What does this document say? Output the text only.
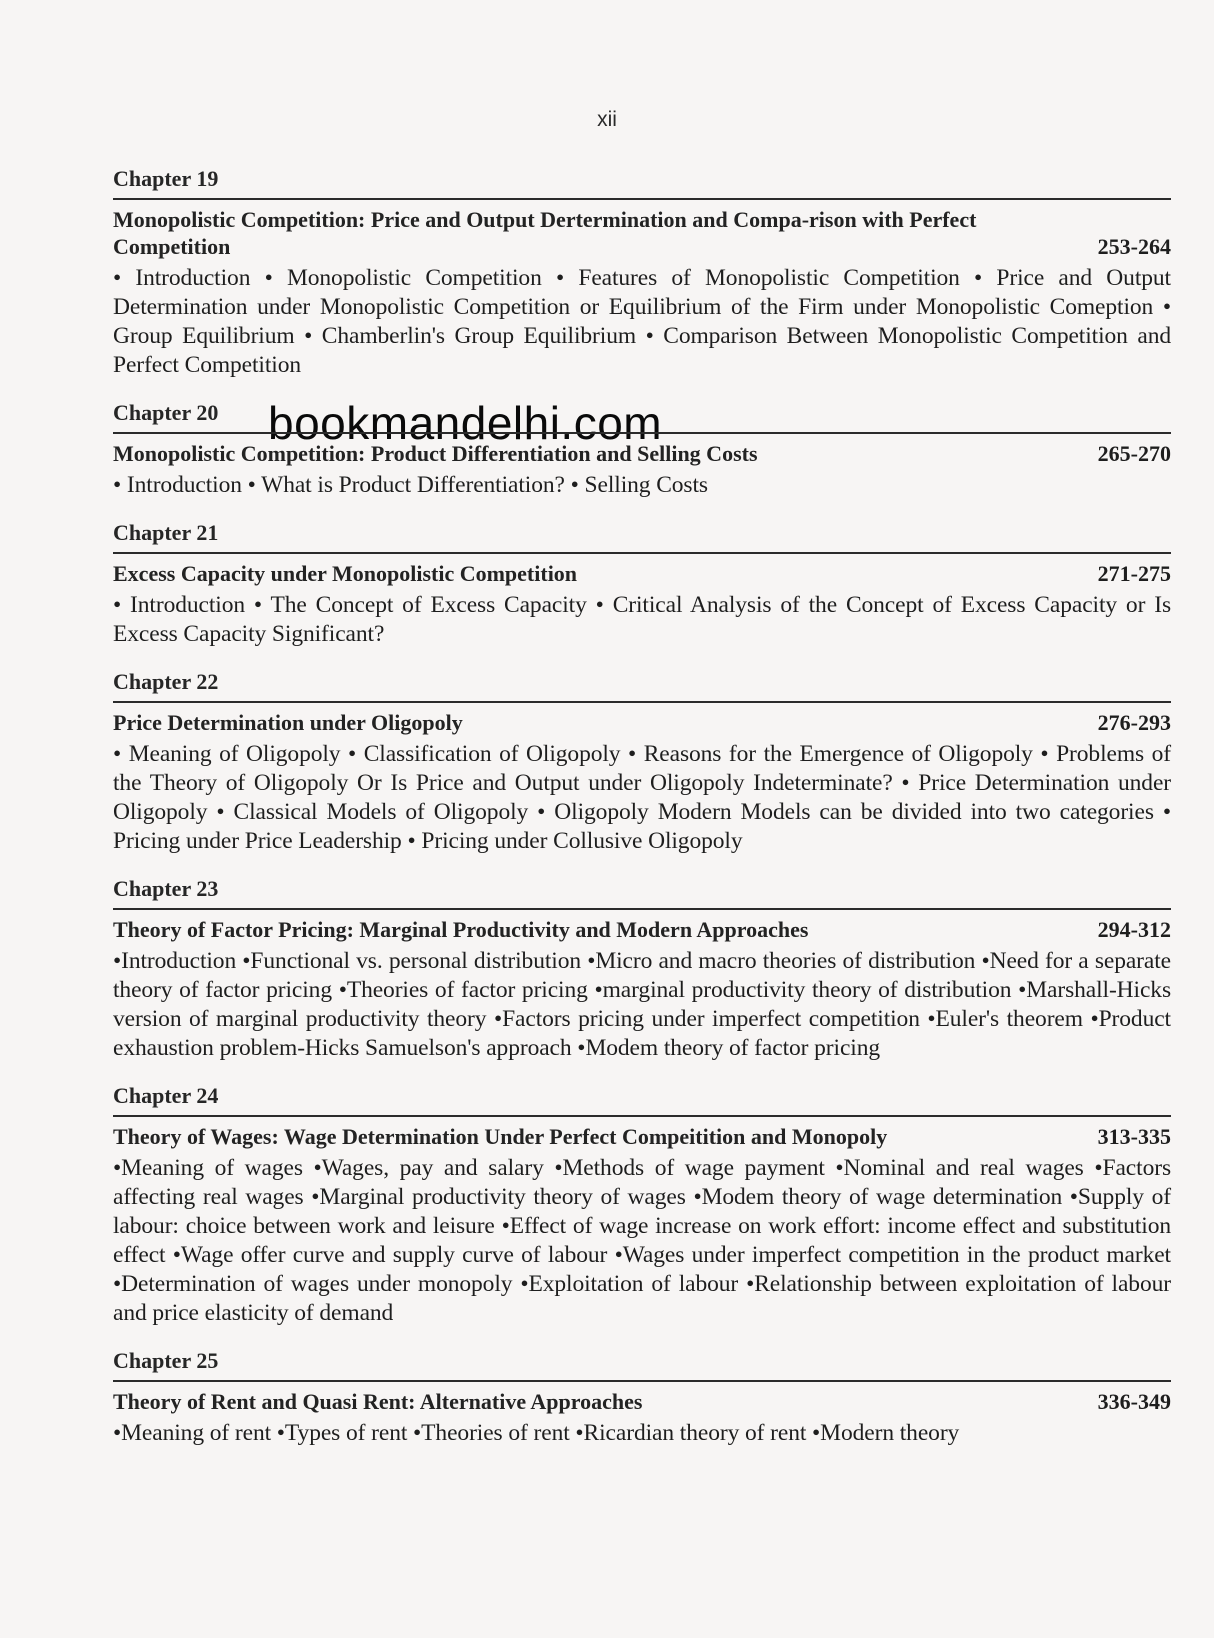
xii
bookmandelhi.com
Chapter 19
Monopolistic Competition: Price and Output Dertermination and Compa-rison with Perfect Competition	253-264
• Introduction • Monopolistic Competition • Features of Monopolistic Competition • Price and Output Determination under Monopolistic Competition or Equilibrium of the Firm under Monopolistic Comeption • Group Equilibrium • Chamberlin's Group Equilibrium • Comparison Between Monopolistic Competition and Perfect Competition
Chapter 20
Monopolistic Competition: Product Differentiation and Selling Costs	265-270
• Introduction • What is Product Differentiation? • Selling Costs
Chapter 21
Excess Capacity under Monopolistic Competition	271-275
• Introduction • The Concept of Excess Capacity • Critical Analysis of the Concept of Excess Capacity or Is Excess Capacity Significant?
Chapter 22
Price Determination under Oligopoly	276-293
• Meaning of Oligopoly • Classification of Oligopoly • Reasons for the Emergence of Oligopoly • Problems of the Theory of Oligopoly Or Is Price and Output under Oligopoly Indeterminate? • Price Determination under Oligopoly • Classical Models of Oligopoly • Oligopoly Modern Models can be divided into two categories • Pricing under Price Leadership • Pricing under Collusive Oligopoly
Chapter 23
Theory of Factor Pricing: Marginal Productivity and Modern Approaches	294-312
•Introduction •Functional vs. personal distribution •Micro and macro theories of distribution •Need for a separate theory of factor pricing •Theories of factor pricing •marginal productivity theory of distribution •Marshall-Hicks version of marginal productivity theory •Factors pricing under imperfect competition •Euler's theorem •Product exhaustion problem-Hicks Samuelson's approach •Modem theory of factor pricing
Chapter 24
Theory of Wages: Wage Determination Under Perfect Compeitition and Monopoly	313-335
•Meaning of wages •Wages, pay and salary •Methods of wage payment •Nominal and real wages •Factors affecting real wages •Marginal productivity theory of wages •Modem theory of wage determination •Supply of labour: choice between work and leisure •Effect of wage increase on work effort: income effect and substitution effect •Wage offer curve and supply curve of labour •Wages under imperfect competition in the product market •Determination of wages under monopoly •Exploitation of labour •Relationship between exploitation of labour and price elasticity of demand
Chapter 25
Theory of Rent and Quasi Rent: Alternative Approaches	336-349
•Meaning of rent •Types of rent •Theories of rent •Ricardian theory of rent •Modern theory
